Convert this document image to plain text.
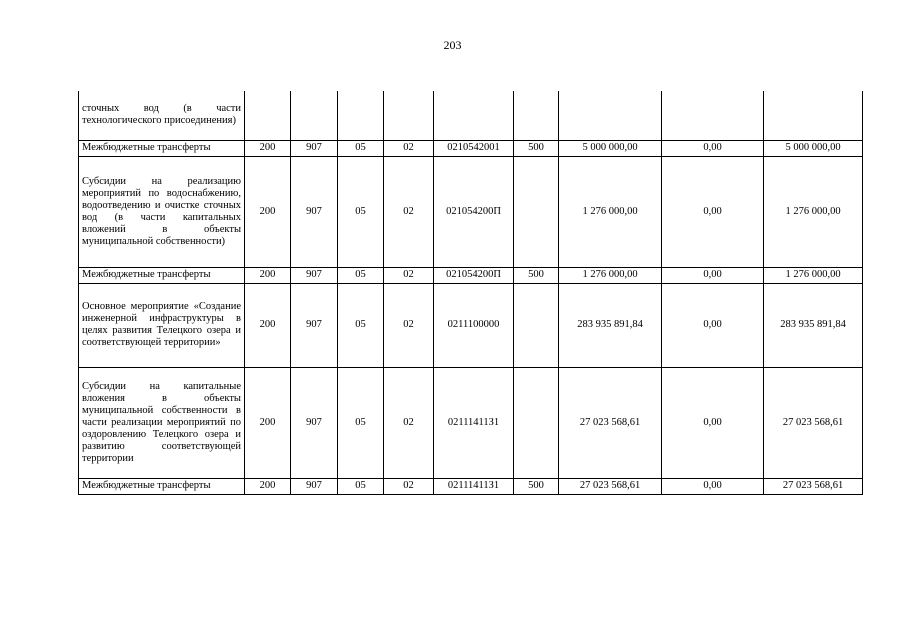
203
сточных вод (в части технологического присоединения)									
Межбюджетные трансферты	200	907	05	02	0210542001	500	5 000 000,00	0,00	5 000 000,00
Субсидии на реализацию мероприятий по водоснабжению, водоотведению и очистке сточных вод (в части капитальных вложений в объекты муниципальной собственности)	200	907	05	02	021054200П		1 276 000,00	0,00	1 276 000,00
Межбюджетные трансферты	200	907	05	02	021054200П	500	1 276 000,00	0,00	1 276 000,00
Основное мероприятие «Создание инженерной инфраструктуры в целях развития Телецкого озера и соответствующей территории»	200	907	05	02	0211100000		283 935 891,84	0,00	283 935 891,84
Субсидии на капитальные вложения в объекты муниципальной собственности в части реализации мероприятий по оздоровлению Телецкого озера и развитию соответствующей территории	200	907	05	02	02111411З1		27 023 568,61	0,00	27 023 568,61
Межбюджетные трансферты	200	907	05	02	02111411З1	500	27 023 568,61	0,00	27 023 568,61
